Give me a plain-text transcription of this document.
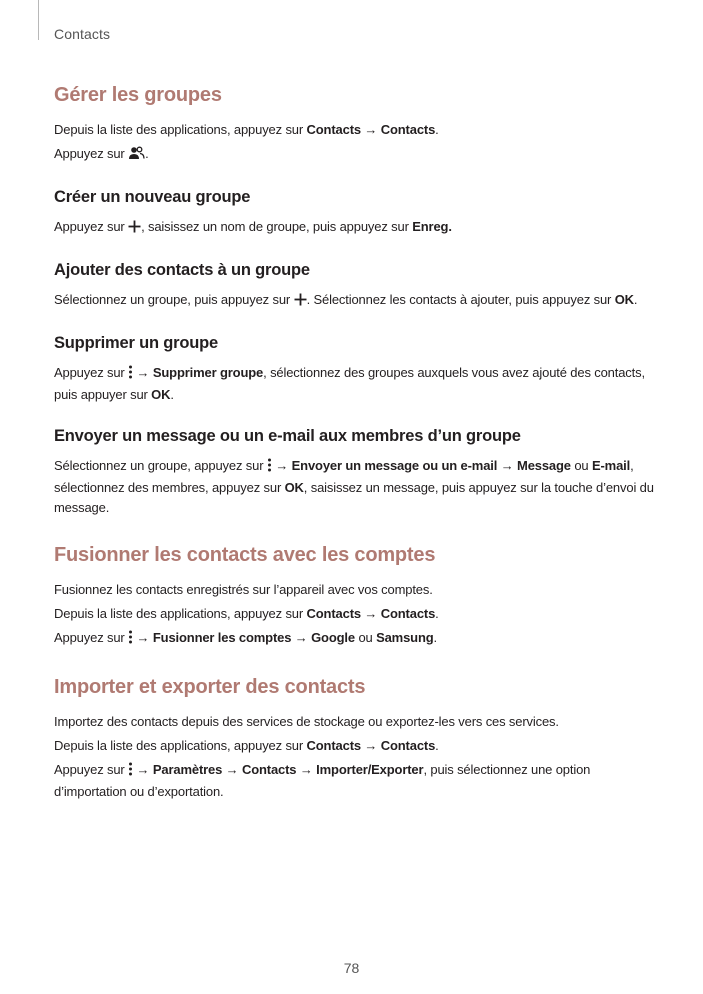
Contacts
Gérer les groupes
Depuis la liste des applications, appuyez sur Contacts → Contacts.
Appuyez sur .
Créer un nouveau groupe
Appuyez sur , saisissez un nom de groupe, puis appuyez sur Enreg.
Ajouter des contacts à un groupe
Sélectionnez un groupe, puis appuyez sur . Sélectionnez les contacts à ajouter, puis appuyez sur OK.
Supprimer un groupe
Appuyez sur  → Supprimer groupe, sélectionnez des groupes auxquels vous avez ajouté des contacts, puis appuyer sur OK.
Envoyer un message ou un e-mail aux membres d’un groupe
Sélectionnez un groupe, appuyez sur  → Envoyer un message ou un e-mail → Message ou E-mail, sélectionnez des membres, appuyez sur OK, saisissez un message, puis appuyez sur la touche d’envoi du message.
Fusionner les contacts avec les comptes
Fusionnez les contacts enregistrés sur l’appareil avec vos comptes.
Depuis la liste des applications, appuyez sur Contacts → Contacts.
Appuyez sur  → Fusionner les comptes → Google ou Samsung.
Importer et exporter des contacts
Importez des contacts depuis des services de stockage ou exportez-les vers ces services.
Depuis la liste des applications, appuyez sur Contacts → Contacts.
Appuyez sur  → Paramètres → Contacts → Importer/Exporter, puis sélectionnez une option d’importation ou d’exportation.
78
